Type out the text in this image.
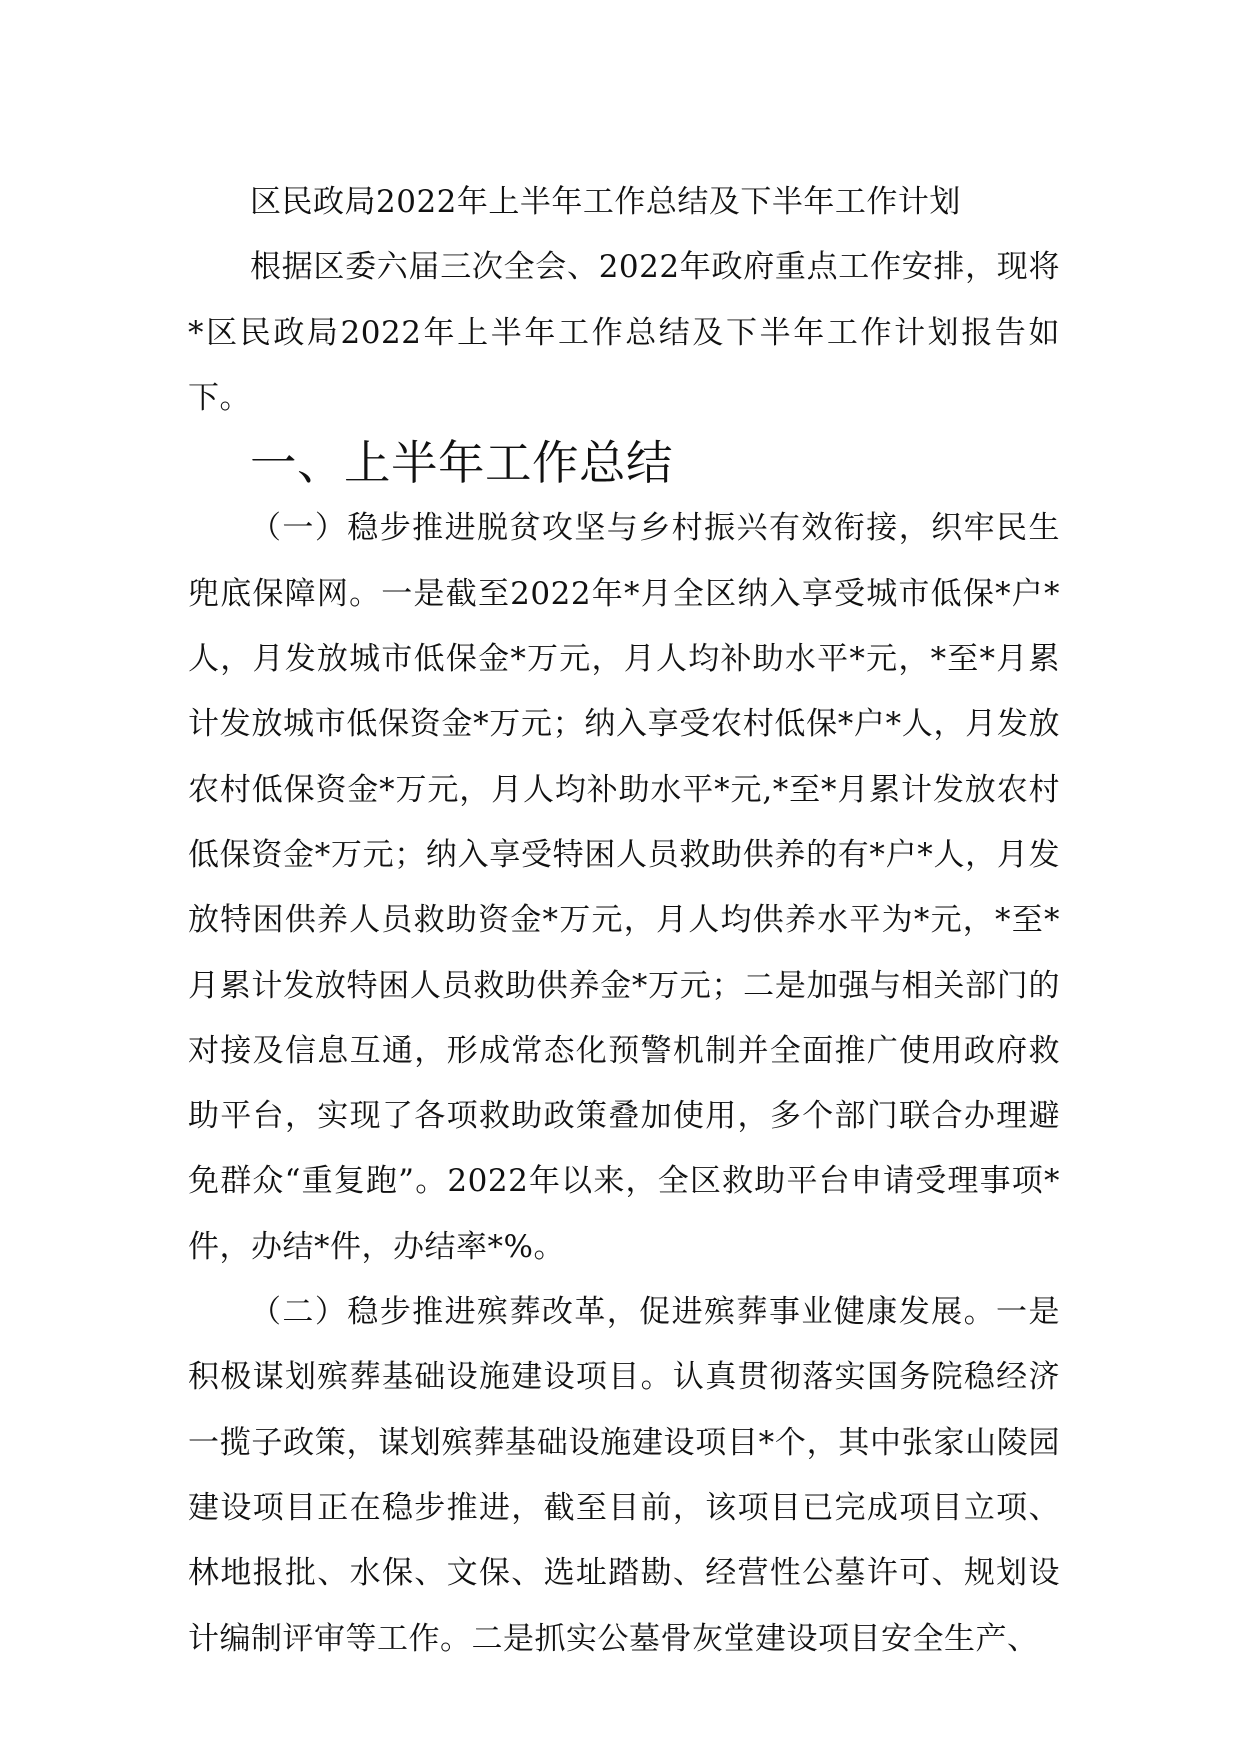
区民政局2022年上半年工作总结及下半年工作计划

根据区委六届三次全会、2022年政府重点工作安排，现将*区民政局2022年上半年工作总结及下半年工作计划报告如下。

一、上半年工作总结

（一）稳步推进脱贫攻坚与乡村振兴有效衔接，织牢民生兜底保障网。一是截至2022年*月全区纳入享受城市低保*户*人，月发放城市低保金*万元，月人均补助水平*元，*至*月累计发放城市低保资金*万元；纳入享受农村低保*户*人，月发放农村低保资金*万元，月人均补助水平*元,*至*月累计发放农村低保资金*万元；纳入享受特困人员救助供养的有*户*人，月发放特困供养人员救助资金*万元，月人均供养水平为*元，*至*月累计发放特困人员救助供养金*万元；二是加强与相关部门的对接及信息互通，形成常态化预警机制并全面推广使用政府救助平台，实现了各项救助政策叠加使用，多个部门联合办理避免群众“重复跑”。2022年以来，全区救助平台申请受理事项*件，办结*件，办结率*%。

（二）稳步推进殡葬改革，促进殡葬事业健康发展。一是积极谋划殡葬基础设施建设项目。认真贯彻落实国务院稳经济一揽子政策，谋划殡葬基础设施建设项目*个，其中张家山陵园建设项目正在稳步推进，截至目前，该项目已完成项目立项、林地报批、水保、文保、选址踏勘、经营性公墓许可、规划设计编制评审等工作。二是抓实公墓骨灰堂建设项目安全生产、
